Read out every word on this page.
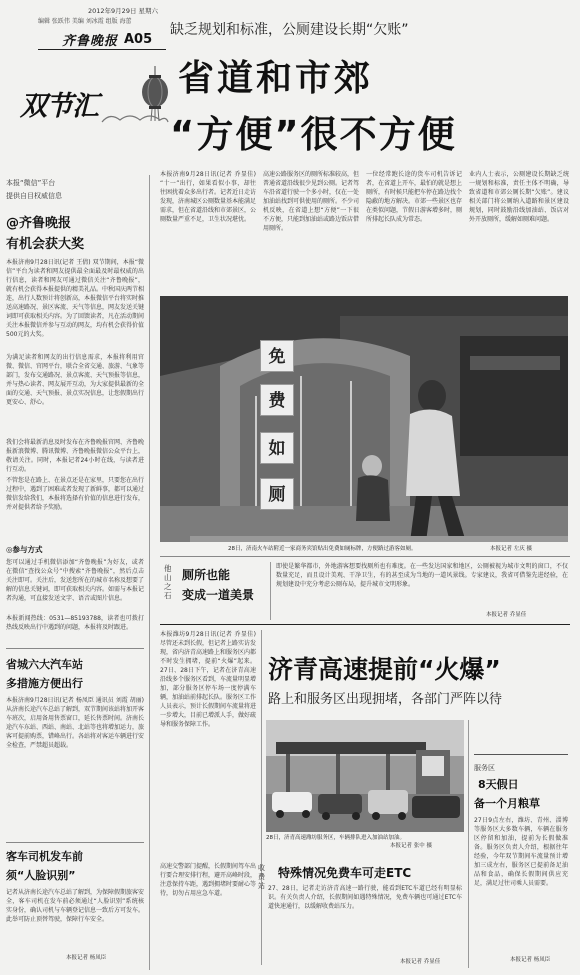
2012年9月29日 星期六
编辑 张跃伟 美编 刘冰霞 组版 海蕾
齐鲁晚报 A05
双节汇
缺乏规划和标准，公厕建设长期“欠账”
省道和市郊
“方便”很不方便
本报“微信”平台
提供自目权威信息
@齐鲁晚报
有机会获大奖
本报济南9月28日讯(记者 王倩) 双节期间，本报“微信”平台为读者和网友提供最全面最及时最权威的出行信息，读者和网友可通过微信关注“齐鲁晚报”，就有机会获得本报提供的精美礼品。中秋国庆两节相连，出行人数预计将创新高，本报微信平台将实时推送高速路况、景区客流、天气等信息，网友发送关键词即可获取相关内容。为了回馈读者，凡在活动期间关注本报微信并参与互动的网友，均有机会获得价值500元的大奖。
为满足读者和网友的出行信息需求，本报将利用官微、微信、官网平台，联合全省交通、旅游、气象等部门，发布交通路况、景点客流、天气预报等信息，并与热心读者、网友展开互动，为大家提供最新的全面的交通、天气预报、景点实况信息，让您假期出行更安心、舒心。
我们会将最新消息及时发布在齐鲁晚报官网、齐鲁晚报新浪微博、腾讯微博、齐鲁晚报微信公众平台上，敬请关注。同时，本报记者24小时在线，与读者进行互动。
不管您是在路上、在景点还是在家里，只要您在出行过程中，遇到了困难或者发现了新鲜事，都可以通过微信发给我们，本报将选择有价值的信息进行发布，并对提供者给予奖励。
◎参与方式
您可以通过手机微信添加“齐鲁晚报”为好友，或者在微信“查找公众号”中搜索“齐鲁晚报”，然后点击关注即可。关注后，发送您所在的城市名称及想要了解的信息关键词，即可获取相关内容。如需与本报记者沟通，可直接发送文字、语音或图片信息。
本报新闻热线：0531—85193788，读者也可拨打热线反映出行中遇到的问题，本报将及时跟进。
省城六大汽车站
多措施方便出行
本报济南9月28日讯(记者 杨凤臣 通讯员 刘霞 胡丽) 从济南长途汽车总站了解到，双节期间该站将加开客车班次，启用备用售票窗口，延长售票时间。济南长途汽车东站、西站、南站、北站等也将增加运力，旅客可提前购票，错峰出行。各站将对客运车辆进行安全检查，严禁超员超载。
客车司机发车前
须“人脸识别”
记者从济南长途汽车总站了解到，为保障假期旅客安全，客车司机在发车前必须通过“人脸识别”系统核实身份，确认司机与车辆登记信息一致后方可发车。此举可防止顶替驾驶，保障行车安全。
本报记者 杨凤臣
本报济南9月28日讯(记者 乔显佳) “十一”出行，如果看似小事，却往往困扰着众多出行者。记者近日走访发现，济南城区公厕数量基本能满足需求，但在省道沿线和市郊景区，公厕数量严重不足，卫生状况堪忧。
高速公路服务区的厕所标准较高，但普通省道沿线很少见到公厕。记者驾车沿省道行驶一个多小时，仅在一处加油站找到可供使用的厕所。不少司机反映，在省道上想“方便”一下很不方便，只能到加油站或路边饭店借用厕所。
一位经常跑长途的货车司机告诉记者，在省道上开车，最怕的就是想上厕所，有时候只能把车停在路边找个隐蔽的地方解决。市郊一些景区也存在类似问题，节假日游客增多时，厕所排起长队成为常态。
业内人士表示，公厕建设长期缺乏统一规划和标准，责任主体不明确，导致省道和市郊公厕长期“欠账”。建议相关部门将公厕纳入道路和景区建设规划，同时鼓励沿线加油站、饭店对外开放厕所，缓解如厕难问题。
免
费
如
厕
28日，济南火车站附近一家商务宾馆贴出免费如厕标牌，方便路过游客如厕。	本报记者 左庆 摄
他山之石
厕所也能
变成一道美景
即使是繁华都市，外地游客想要找厕所也有难度。在一些发达国家和地区，公厕被视为城市文明的窗口，不仅数量充足，而且设计美观、干净卫生，有的甚至成为当地的一道风景线。专家建议，我省可借鉴先进经验，在规划建设中充分考虑公厕布局，提升城市文明形象。
本报记者 乔显佳
本报潍坊9月28日讯(记者 乔显佳) 尽管还未到长假，但记者上路实访发现，省内济青高速路上和服务区内都不时发生拥堵，提前“火爆”起来。27日、28日下午，记者在济青高速沿线多个服务区看到，车流量明显增加，部分服务区停车场一度停满车辆，加油站前排起长队。服务区工作人员表示，预计长假期间车流量将进一步增大，目前已增派人手，做好疏导和服务保障工作。
高速交警部门提醒，长假期间驾车出行要合理安排行程，避开高峰时段，注意保持车距，遇到拥堵时要耐心等待，切勿占用应急车道。
济青高速提前“火爆”
路上和服务区出现拥堵，各部门严阵以待
28日，济青高速潍坊服务区，车辆排队进入加油站加油。
本报记者 张中 摄
特殊情况免费车可走ETC
27、28日，记者走访济青高速一路行驶，能看到ETC车道已经有明显标识。有关负责人介绍，长假期间如遇特殊情况，免费车辆也可通过ETC车道快速通行，以缓解收费站压力。
本报记者 乔显佳
收费站
服务区
8天假日
备一个月粮草
27日9点左右，潍坊、青州、淄博等服务区大多数车辆，车辆在服务区停留和加油，提前为长假做准备。服务区负责人介绍，根据往年经验，今年双节期间车流量预计增加三成左右，服务区已提前备足油品和食品，确保长假期间供应充足，满足过往司乘人员需要。
本报记者 杨凤臣
